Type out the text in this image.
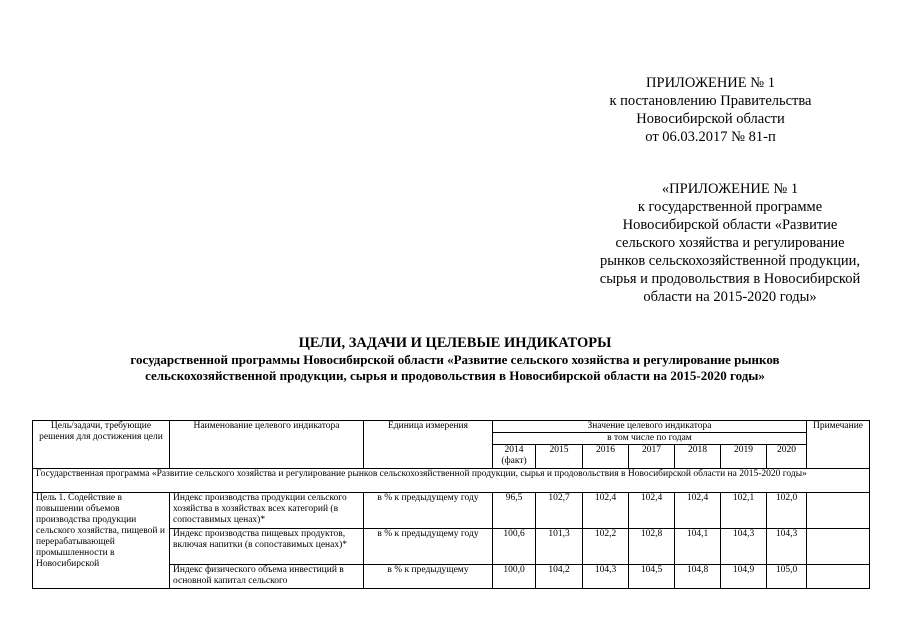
ПРИЛОЖЕНИЕ № 1
к постановлению Правительства
Новосибирской области
от 06.03.2017 № 81-п
«ПРИЛОЖЕНИЕ № 1
к государственной программе
Новосибирской области «Развитие
сельского хозяйства и регулирование
рынков сельскохозяйственной продукции,
сырья и продовольствия в Новосибирской
области на 2015-2020 годы»
ЦЕЛИ, ЗАДАЧИ И ЦЕЛЕВЫЕ ИНДИКАТОРЫ
государственной программы Новосибирской области «Развитие сельского хозяйства и регулирование рынков
сельскохозяйственной продукции, сырья и продовольствия в Новосибирской области на 2015-2020 годы»
Цель/задачи, требующие решения для достижения цели	Наименование целевого индикатора	Единица измерения	Значение целевого индикатора							Примечание
			в том числе по годам							
			2014 (факт)	2015	2016	2017	2018	2019	2020	
Государственная программа «Развитие сельского хозяйства и регулирование рынков сельскохозяйственной продукции, сырья и продовольствия в Новосибирской области на 2015-2020 годы»										
Цель 1. Содействие в повышении объемов производства продукции сельского хозяйства, пищевой и перерабатывающей промышленности в Новосибирской	Индекс производства продукции сельского хозяйства в хозяйствах всех категорий (в сопоставимых ценах)*	в % к предыдущему году	96,5	102,7	102,4	102,4	102,4	102,1	102,0	
	Индекс производства пищевых продуктов, включая напитки (в сопоставимых ценах)*	в % к предыдущему году	100,6	101,3	102,2	102,8	104,1	104,3	104,3	
	Индекс физического объема инвестиций в основной капитал сельского	в % к предыдущему	100,0	104,2	104,3	104,5	104,8	104,9	105,0	
